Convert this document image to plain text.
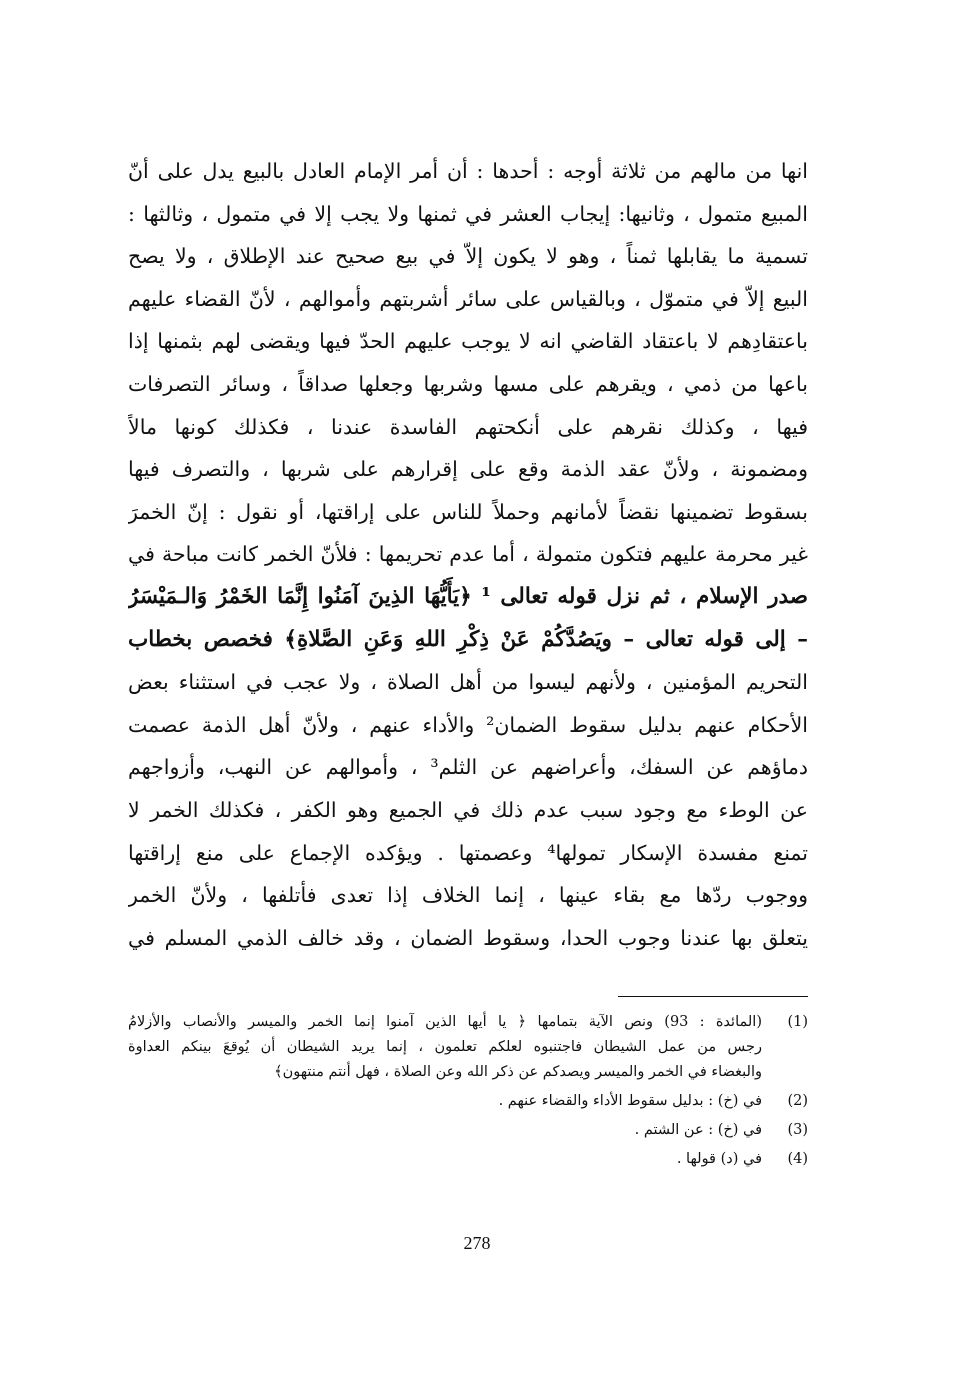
انها من مالهم من ثلاثة أوجه : أحدها : أن أمر الإمام العادل بالبيع يدل على أنّ
المبيع متمول ، وثانيها: إيجاب العشر في ثمنها ولا يجب إلا في متمول ، وثالثها :
تسمية ما يقابلها ثمناً ، وهو لا يكون إلاّ في بيع صحيح عند الإطلاق ، ولا يصح
البيع إلاّ في متموّل ، وبالقياس على سائر أشربتهم وأموالهم ، لأنّ القضاء عليهم
باعتقادِهم لا باعتقاد القاضي انه لا يوجب عليهم الحدّ فيها ويقضى لهم بثمنها إذا
باعها من ذمي ، ويقرهم على مسها وشربها وجعلها صداقاً ، وسائر التصرفات
فيها ، وكذلك نقرهم على أنكحتهم الفاسدة عندنا ، فكذلك كونها مالاً
ومضمونة ، ولأنّ عقد الذمة وقع على إقرارهم على شربها ، والتصرف فيها
بسقوط تضمينها نقضاً لأمانهم وحملاً للناس على إراقتها، أو نقول : إنّ الخمرَ
غير محرمة عليهم فتكون متمولة ، أما عدم تحريمها : فلأنّ الخمر كانت مباحة في
صدر الإسلام ، ثم نزل قوله تعالى ¹ ﴿يَأَيُّهَا الذِينَ آمَنُوا إِنَّمَا الخَمْرُ وَالـمَيْسَرُ
– إلى قوله تعالى – ويَصُدَّكُمْ عَنْ ذِكْرِ اللهِ وَعَنِ الصَّلاةِ﴾ فخصص بخطاب
التحريم المؤمنين ، ولأنهم ليسوا من أهل الصلاة ، ولا عجب في استثناء بعض
الأحكام عنهم بدليل سقوط الضمان² والأداء عنهم ، ولأنّ أهل الذمة عصمت
دماؤهم عن السفك، وأعراضهم عن الثلم³ ، وأموالهم عن النهب، وأزواجهم
عن الوطء مع وجود سبب عدم ذلك في الجميع وهو الكفر ، فكذلك الخمر لا
تمنع مفسدة الإسكار تمولها⁴ وعصمتها . ويؤكده الإجماع على منع إراقتها
ووجوب ردّها مع بقاء عينها ، إنما الخلاف إذا تعدى فأتلفها ، ولأنّ الخمر
يتعلق بها عندنا وجوب الحدا، وسقوط الضمان ، وقد خالف الذمي المسلم في
(1)
(المائدة : 93) ونص الآية بتمامها ﴿ يا أيها الذين آمنوا إنما الخمر والميسر والأنصاب والأزلامُ
رجس من عمل الشيطان فاجتنبوه لعلكم تعلمون ، إنما يريد الشيطان أن يُوقعَ بينكم العداوة
والبغضاء في الخمر والميسر ويصدكم عن ذكر الله وعن الصلاة ، فهل أنتم منتهون﴾
(2)
في (خ) : بدليل سقوط الأداء والقضاء عنهم .
(3)
في (خ) : عن الشتم .
(4)
في (د) قولها .
278
